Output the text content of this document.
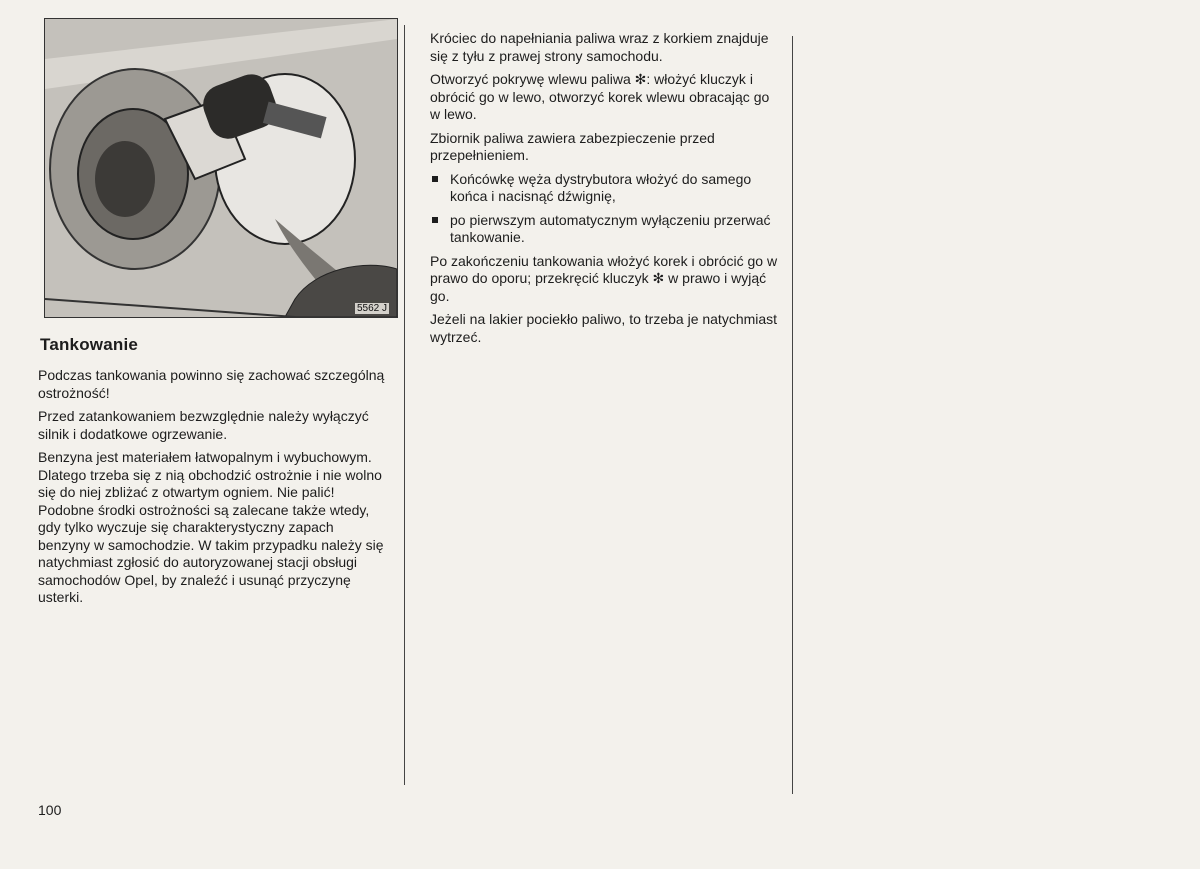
5562 J
Tankowanie

Podczas tankowania powinno się zachować szczególną ostrożność!

Przed zatankowaniem bezwzględnie należy wyłączyć silnik i dodatkowe ogrzewanie.

Benzyna jest materiałem łatwopalnym i wybuchowym. Dlatego trzeba się z nią obchodzić ostrożnie i nie wolno się do niej zbliżać z otwartym ogniem. Nie palić! Podobne środki ostrożności są zalecane także wtedy, gdy tylko wyczuje się charakterystyczny zapach benzyny w samochodzie. W takim przypadku należy się natychmiast zgłosić do autoryzowanej stacji obsługi samochodów Opel, by znaleźć i usunąć przyczynę usterki.

Króciec do napełniania paliwa wraz z korkiem znajduje się z tyłu z prawej strony samochodu.

Otworzyć pokrywę wlewu paliwa ✻: włożyć kluczyk i obrócić go w lewo, otworzyć korek wlewu obracając go w lewo.

Zbiornik paliwa zawiera zabezpieczenie przed przepełnieniem.

Końcówkę węża dystrybutora włożyć do samego końca i nacisnąć dźwignię,
po pierwszym automatycznym wyłączeniu przerwać tankowanie.

Po zakończeniu tankowania włożyć korek i obrócić go w prawo do oporu; przekręcić kluczyk ✻ w prawo i wyjąć go.

Jeżeli na lakier pociekło paliwo, to trzeba je natychmiast wytrzeć.

100
